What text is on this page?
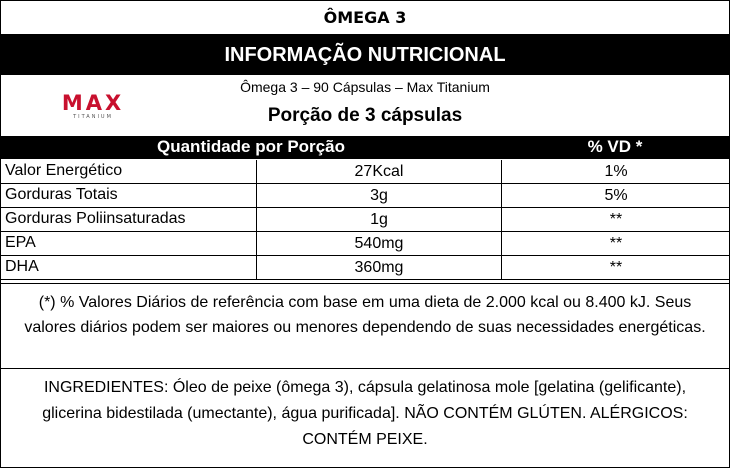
ÔMEGA 3
INFORMAÇÃO NUTRICIONAL
MAX
TITANIUM
Ômega 3 – 90 Cápsulas – Max Titanium
Porção de 3 cápsulas
Quantidade por Porção	% VD *
Valor Energético	27Kcal	1%
Gorduras Totais	3g	5%
Gorduras Poliinsaturadas	1g	**
EPA	540mg	**
DHA	360mg	**
(*) % Valores Diários de referência com base em uma dieta de 2.000 kcal ou 8.400 kJ. Seus valores diários podem ser maiores ou menores dependendo de suas necessidades energéticas.
INGREDIENTES: Óleo de peixe (ômega 3), cápsula gelatinosa mole [gelatina (gelificante), glicerina bidestilada (umectante), água purificada]. NÃO CONTÉM GLÚTEN. ALÉRGICOS: CONTÉM PEIXE.
